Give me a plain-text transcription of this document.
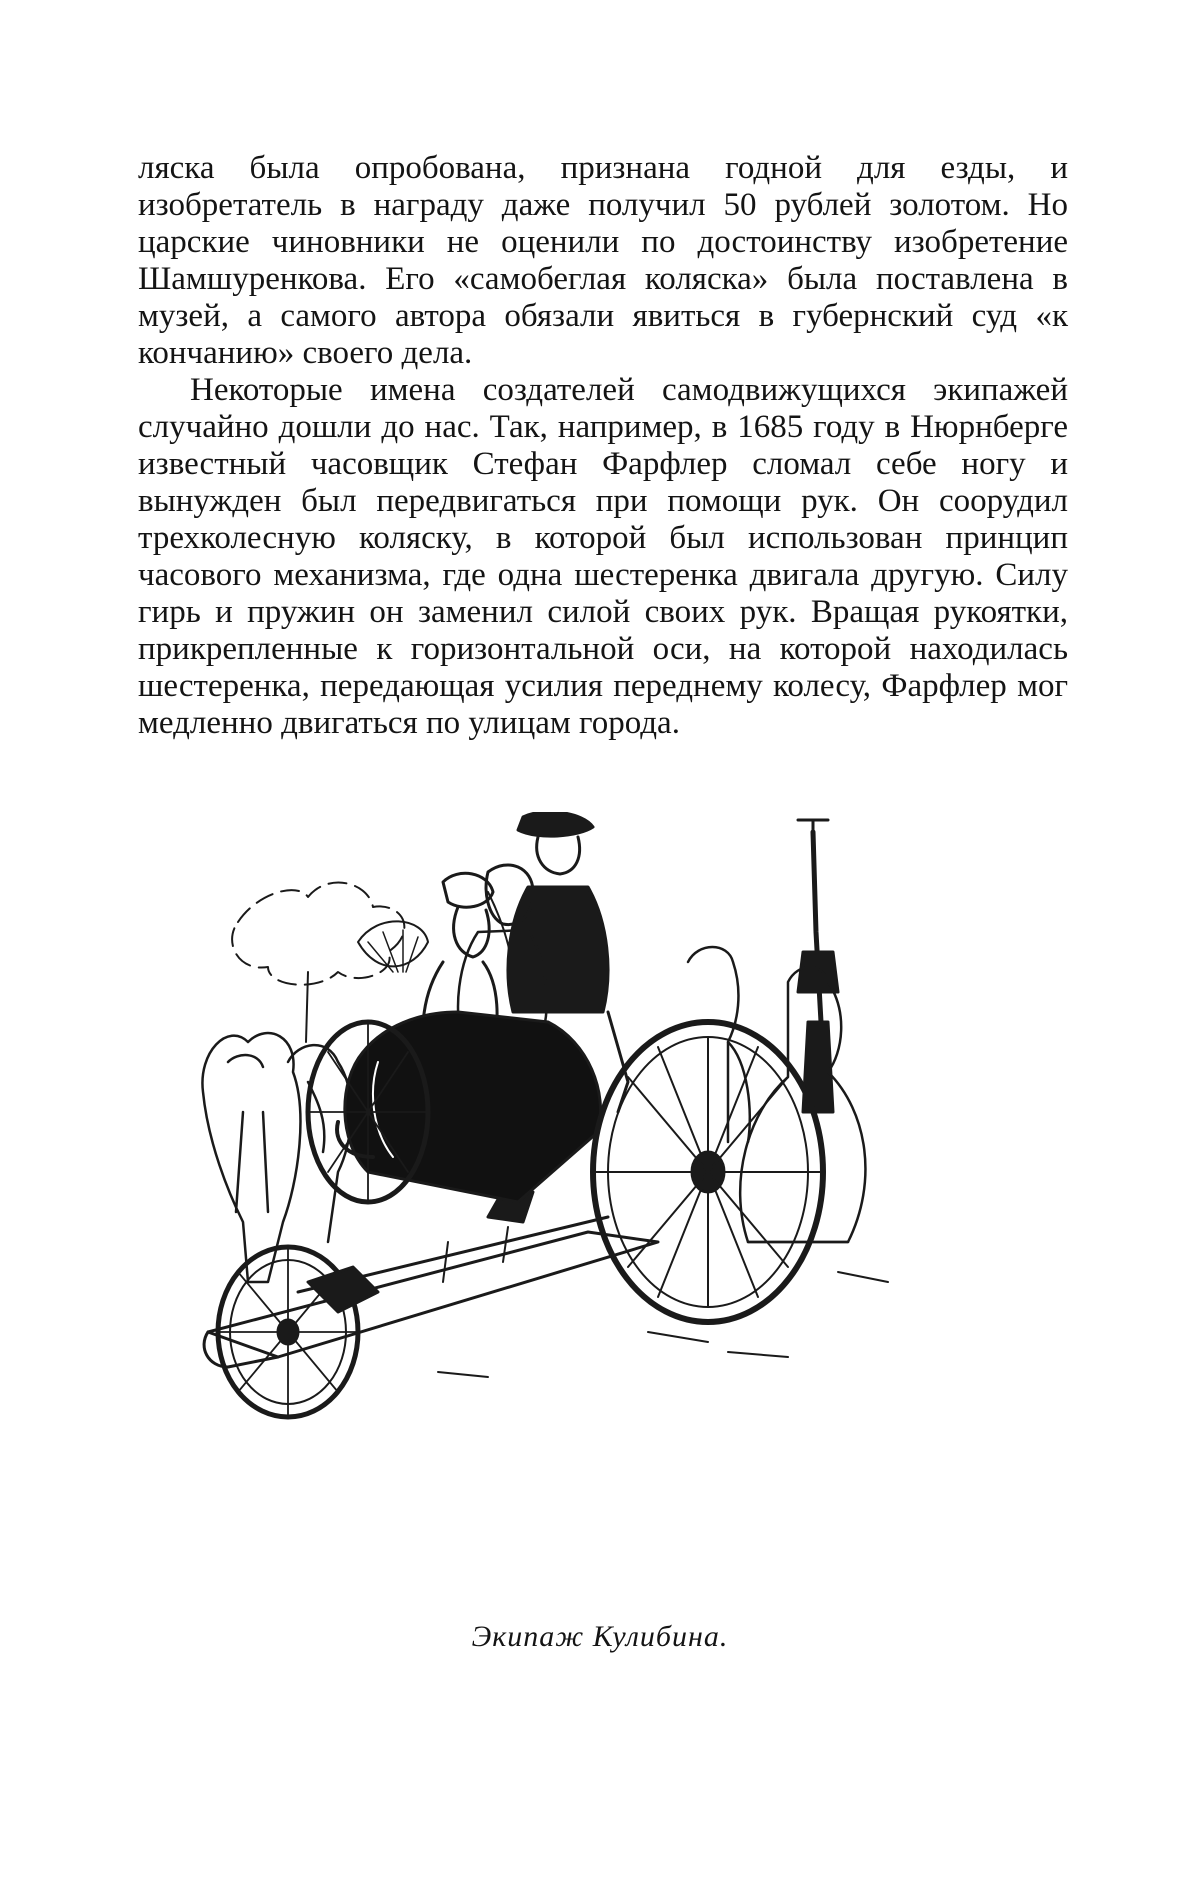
ляска была опробована, признана годной для езды, и изобретатель в награду даже получил 50 рублей золотом. Но царские чиновники не оценили по достоинству изобретение Шамшуренкова. Его «самобеглая коляска» была поставлена в музей, а самого автора обязали явиться в губернский суд «к кончанию» своего дела.

Некоторые имена создателей самодвижущихся экипажей случайно дошли до нас. Так, например, в 1685 году в Нюрнберге известный часовщик Стефан Фарфлер сломал себе ногу и вынужден был передвигаться при помощи рук. Он соорудил трехколесную коляску, в которой был использован принцип часового механизма, где одна шестеренка двигала другую. Силу гирь и пружин он заменил силой своих рук. Вращая рукоятки, прикрепленные к горизонтальной оси, на которой находилась шестеренка, передающая усилия переднему колесу, Фарфлер мог медленно двигаться по улицам города.

Экипаж Кулибина.
